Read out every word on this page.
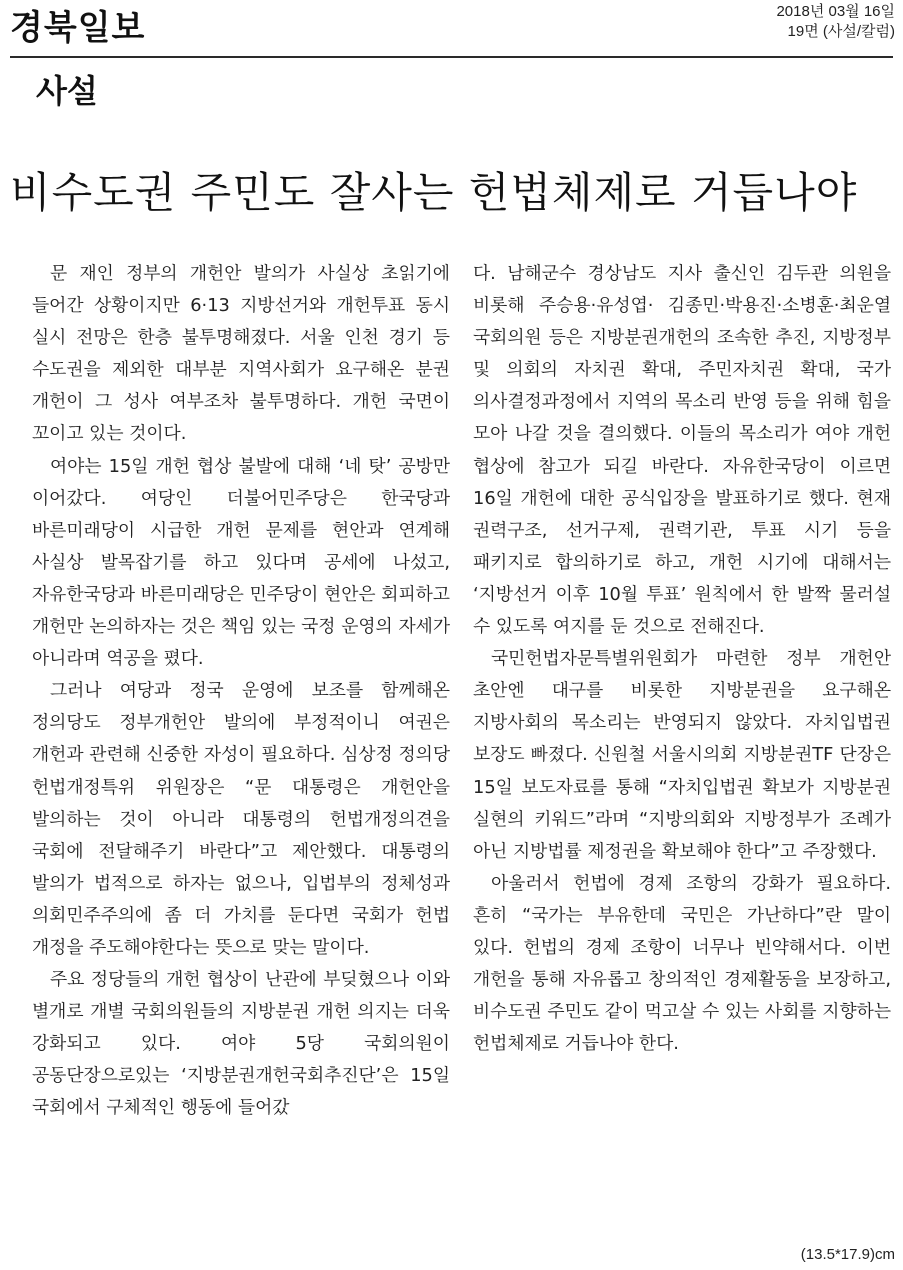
경북일보	2018년 03월 16일
19면 (사설/칼럼)
사설
비수도권 주민도 잘사는 헌법체제로 거듭나야

문 재인 정부의 개헌안 발의가 사실상 초읽기에 들어간 상황이지만 6·13 지방선거와 개헌투표 동시 실시 전망은 한층 불투명해졌다. 서울 인천 경기 등 수도권을 제외한 대부분 지역사회가 요구해온 분권 개헌이 그 성사 여부조차 불투명하다. 개헌 국면이 꼬이고 있는 것이다.

여야는 15일 개헌 협상 불발에 대해 ‘네 탓’ 공방만 이어갔다. 여당인 더불어민주당은 한국당과 바른미래당이 시급한 개헌 문제를 현안과 연계해 사실상 발목잡기를 하고 있다며 공세에 나섰고, 자유한국당과 바른미래당은 민주당이 현안은 회피하고 개헌만 논의하자는 것은 책임 있는 국정 운영의 자세가 아니라며 역공을 폈다.

그러나 여당과 정국 운영에 보조를 함께해온 정의당도 정부개헌안 발의에 부정적이니 여권은 개헌과 관련해 신중한 자성이 필요하다. 심상정 정의당 헌법개정특위 위원장은 “문 대통령은 개헌안을 발의하는 것이 아니라 대통령의 헌법개정의견을 국회에 전달해주기 바란다”고 제안했다. 대통령의 발의가 법적으로 하자는 없으나, 입법부의 정체성과 의회민주주의에 좀 더 가치를 둔다면 국회가 헌법 개정을 주도해야한다는 뜻으로 맞는 말이다.

주요 정당들의 개헌 협상이 난관에 부딪혔으나 이와 별개로 개별 국회의원들의 지방분권 개헌 의지는 더욱 강화되고 있다. 여야 5당 국회의원이 공동단장으로있는 ‘지방분권개헌국회추진단’은 15일 국회에서 구체적인 행동에 들어갔

다. 남해군수 경상남도 지사 출신인 김두관 의원을 비롯해 주승용·유성엽· 김종민·박용진·소병훈·최운열 국회의원 등은 지방분권개헌의 조속한 추진, 지방정부 및 의회의 자치권 확대, 주민자치권 확대, 국가 의사결정과정에서 지역의 목소리 반영 등을 위해 힘을 모아 나갈 것을 결의했다. 이들의 목소리가 여야 개헌 협상에 참고가 되길 바란다. 자유한국당이 이르면 16일 개헌에 대한 공식입장을 발표하기로 했다. 현재 권력구조, 선거구제, 권력기관, 투표 시기 등을 패키지로 합의하기로 하고, 개헌 시기에 대해서는 ‘지방선거 이후 10월 투표’ 원칙에서 한 발짝 물러설 수 있도록 여지를 둔 것으로 전해진다.

국민헌법자문특별위원회가 마련한 정부 개헌안 초안엔 대구를 비롯한 지방분권을 요구해온 지방사회의 목소리는 반영되지 않았다. 자치입법권 보장도 빠졌다. 신원철 서울시의회 지방분권TF 단장은 15일 보도자료를 통해 “자치입법권 확보가 지방분권 실현의 키워드”라며 “지방의회와 지방정부가 조례가 아닌 지방법률 제정권을 확보해야 한다”고 주장했다.

아울러서 헌법에 경제 조항의 강화가 필요하다. 흔히 “국가는 부유한데 국민은 가난하다”란 말이 있다. 헌법의 경제 조항이 너무나 빈약해서다. 이번 개헌을 통해 자유롭고 창의적인 경제활동을 보장하고, 비수도권 주민도 같이 먹고살 수 있는 사회를 지향하는 헌법체제로 거듭나야 한다.

(13.5*17.9)cm
